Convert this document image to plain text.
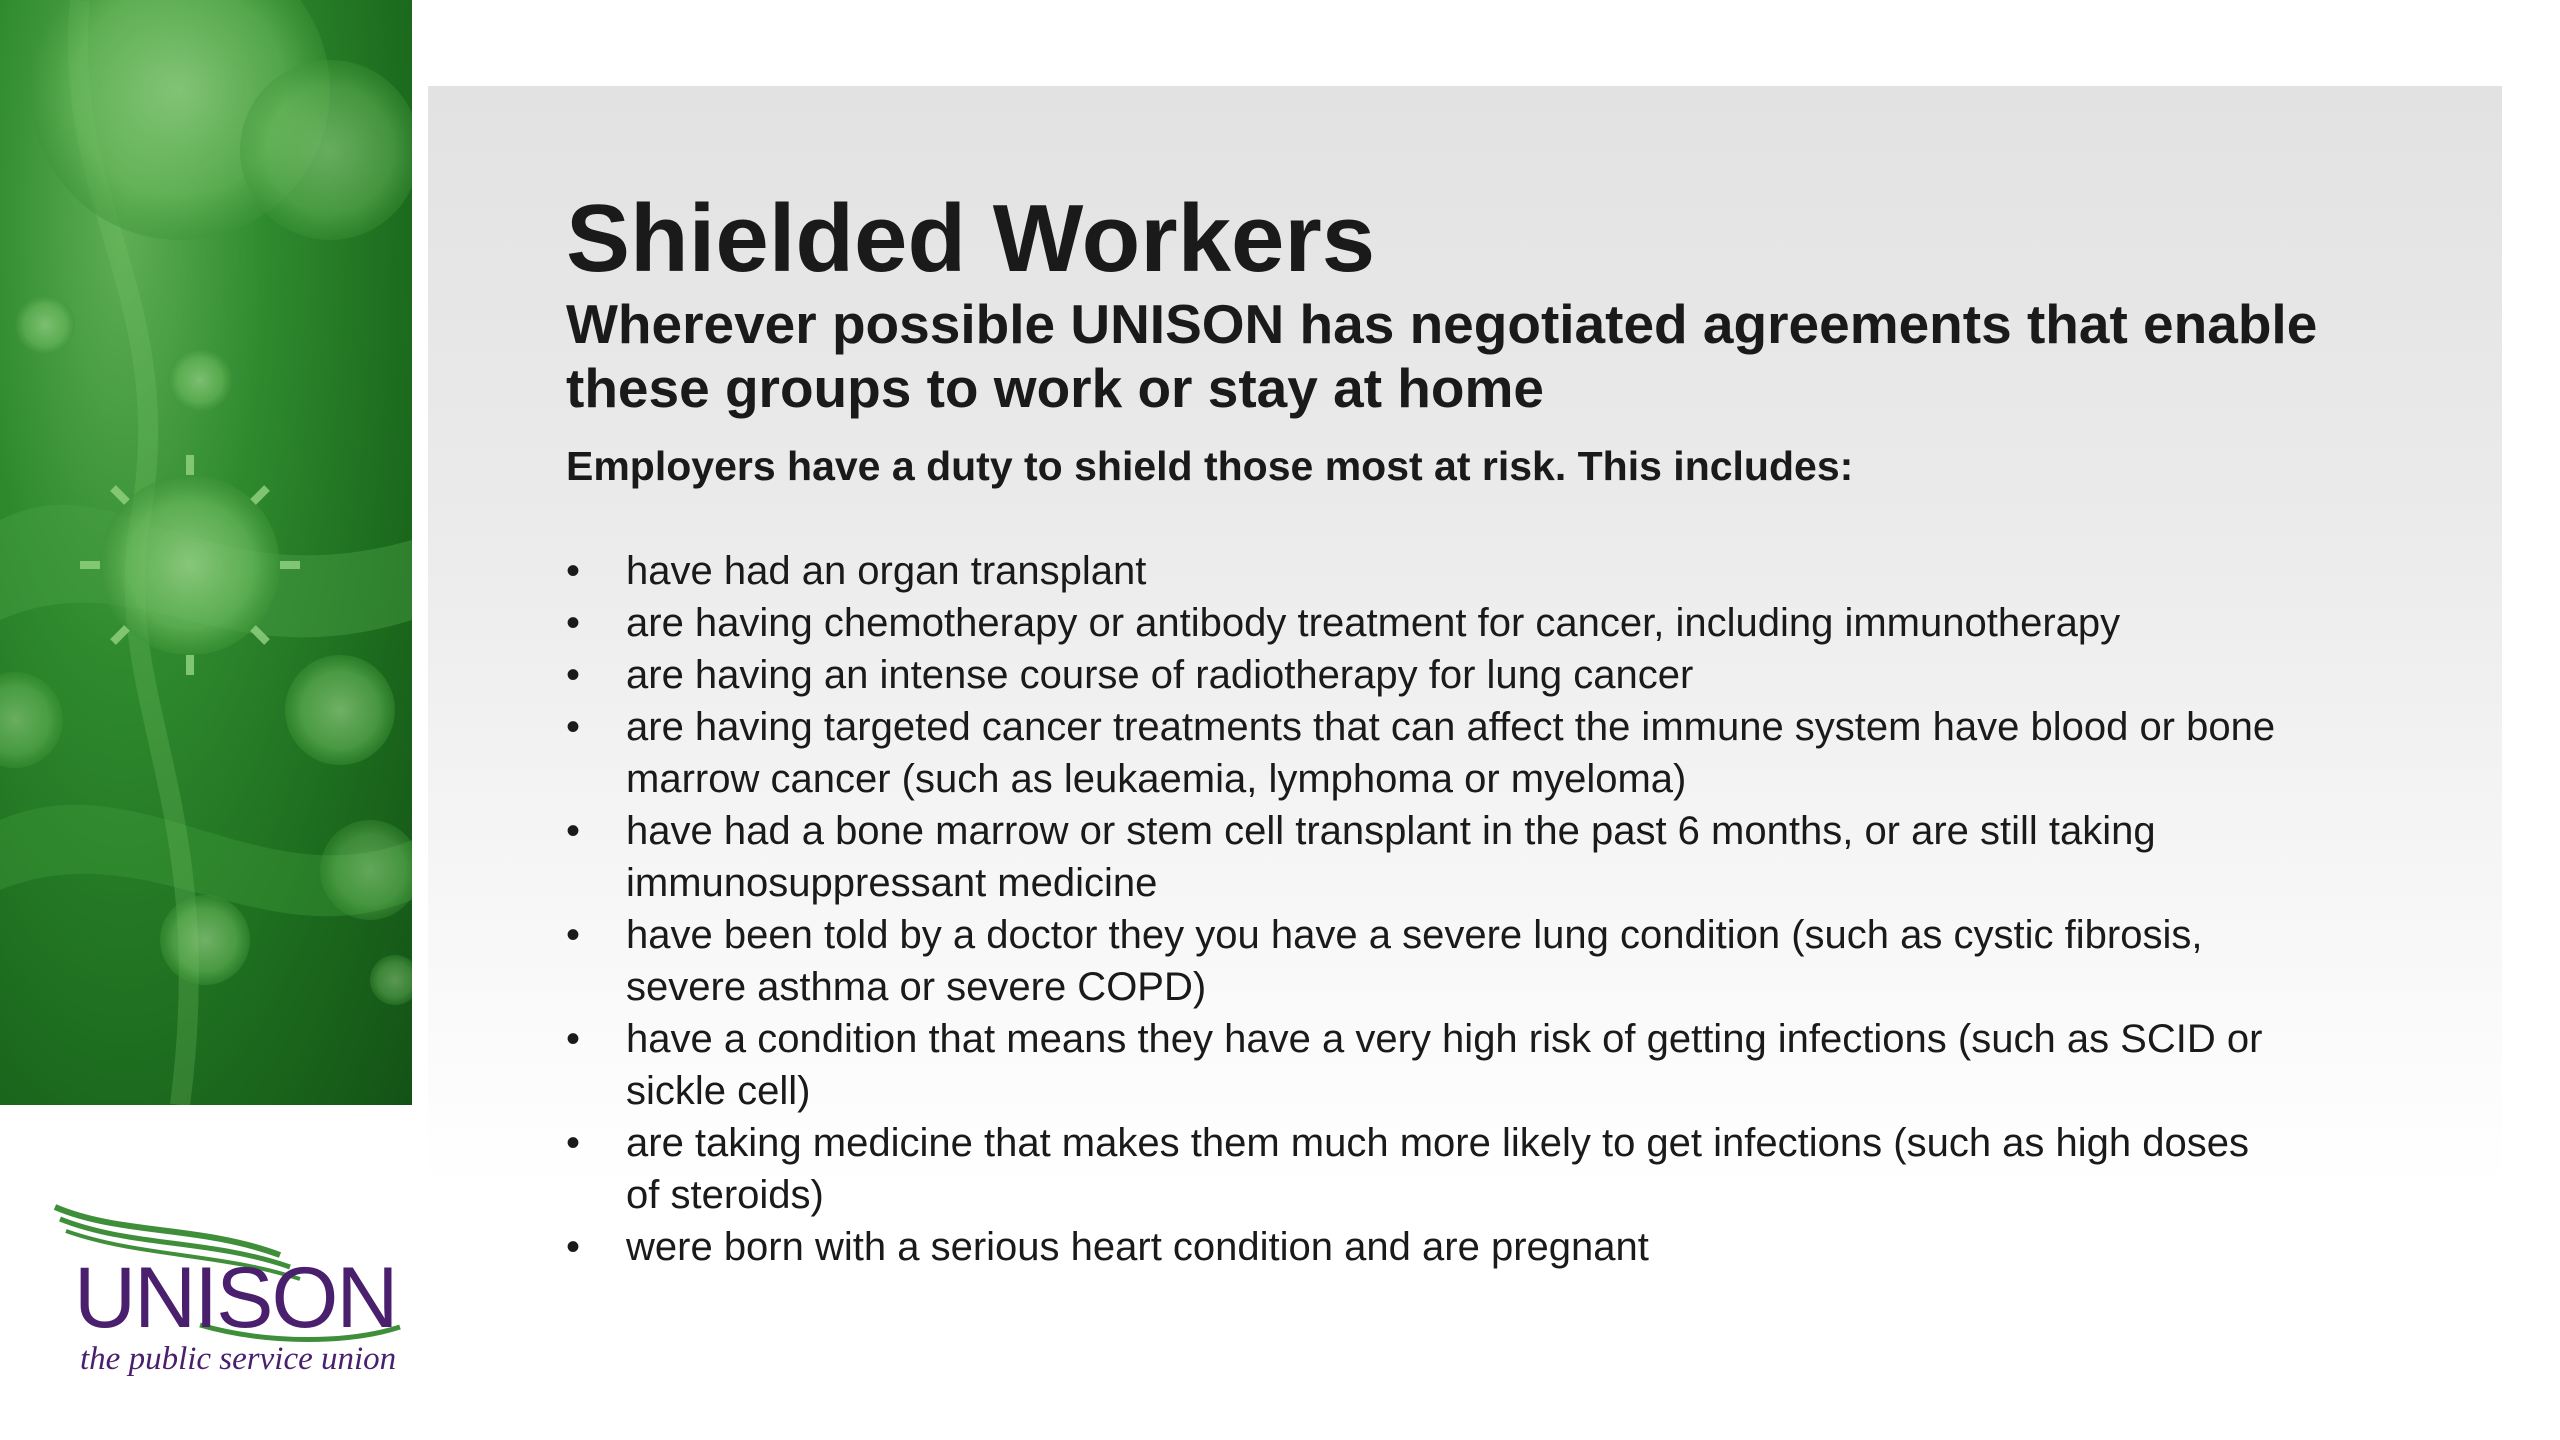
Shielded Workers
Wherever possible UNISON has negotiated agreements that enable these groups to work or stay at home

Employers have a duty to shield those most at risk. This includes:

•	have had an organ transplant
•	are having chemotherapy or antibody treatment for cancer, including immunotherapy
•	are having an intense course of radiotherapy for lung cancer
•	are having targeted cancer treatments that can affect the immune system have blood or bone marrow cancer (such as leukaemia, lymphoma or myeloma)
•	have had a bone marrow or stem cell transplant in the past 6 months, or are still taking immunosuppressant medicine
•	have been told by a doctor they you have a severe lung condition (such as cystic fibrosis, severe asthma or severe COPD)
•	have a condition that means they have a very high risk of getting infections (such as SCID or sickle cell)
•	are taking medicine that makes them much more likely to get infections (such as high doses of steroids)
•	were born with a serious heart condition and are pregnant
UNISON
the public service union
